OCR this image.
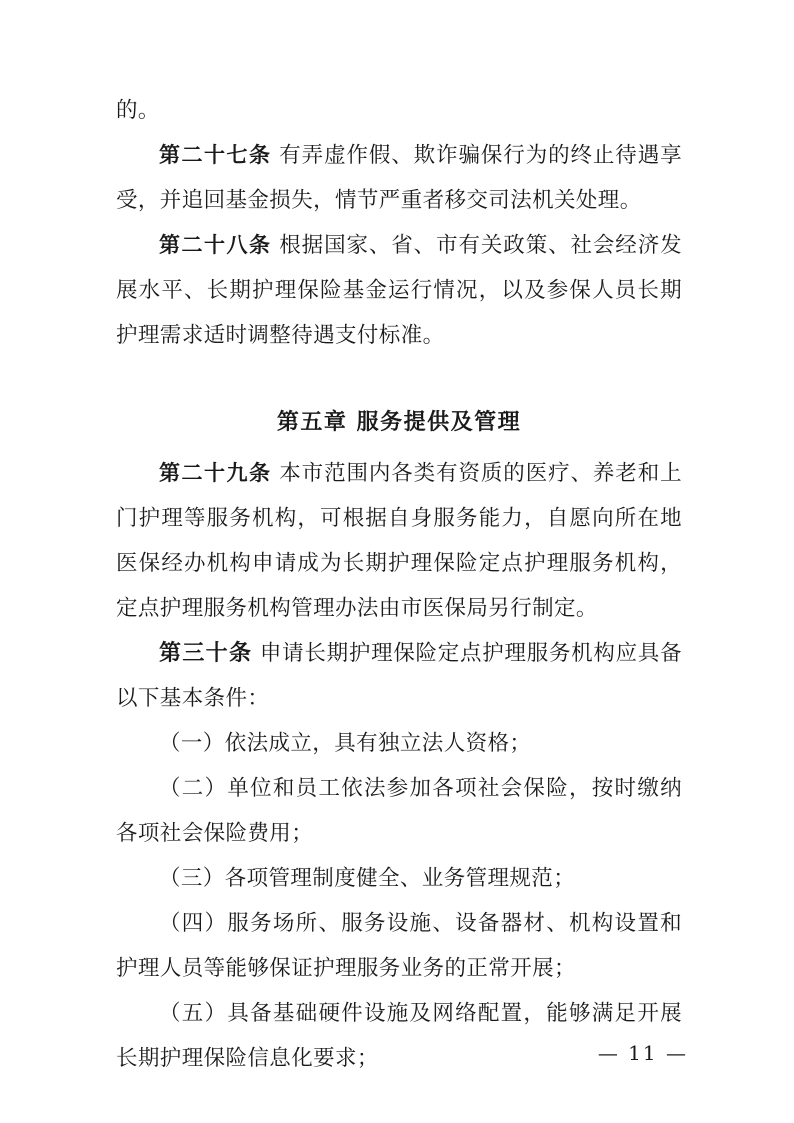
的。

第二十七条 有弄虚作假、欺诈骗保行为的终止待遇享受，并追回基金损失，情节严重者移交司法机关处理。

第二十八条 根据国家、省、市有关政策、社会经济发展水平、长期护理保险基金运行情况，以及参保人员长期护理需求适时调整待遇支付标准。

第五章 服务提供及管理

第二十九条 本市范围内各类有资质的医疗、养老和上门护理等服务机构，可根据自身服务能力，自愿向所在地医保经办机构申请成为长期护理保险定点护理服务机构，定点护理服务机构管理办法由市医保局另行制定。

第三十条 申请长期护理保险定点护理服务机构应具备以下基本条件：

（一）依法成立，具有独立法人资格；

（二）单位和员工依法参加各项社会保险，按时缴纳各项社会保险费用；

（三）各项管理制度健全、业务管理规范；

（四）服务场所、服务设施、设备器材、机构设置和护理人员等能够保证护理服务业务的正常开展；

（五）具备基础硬件设施及网络配置，能够满足开展长期护理保险信息化要求；	— 11 —
